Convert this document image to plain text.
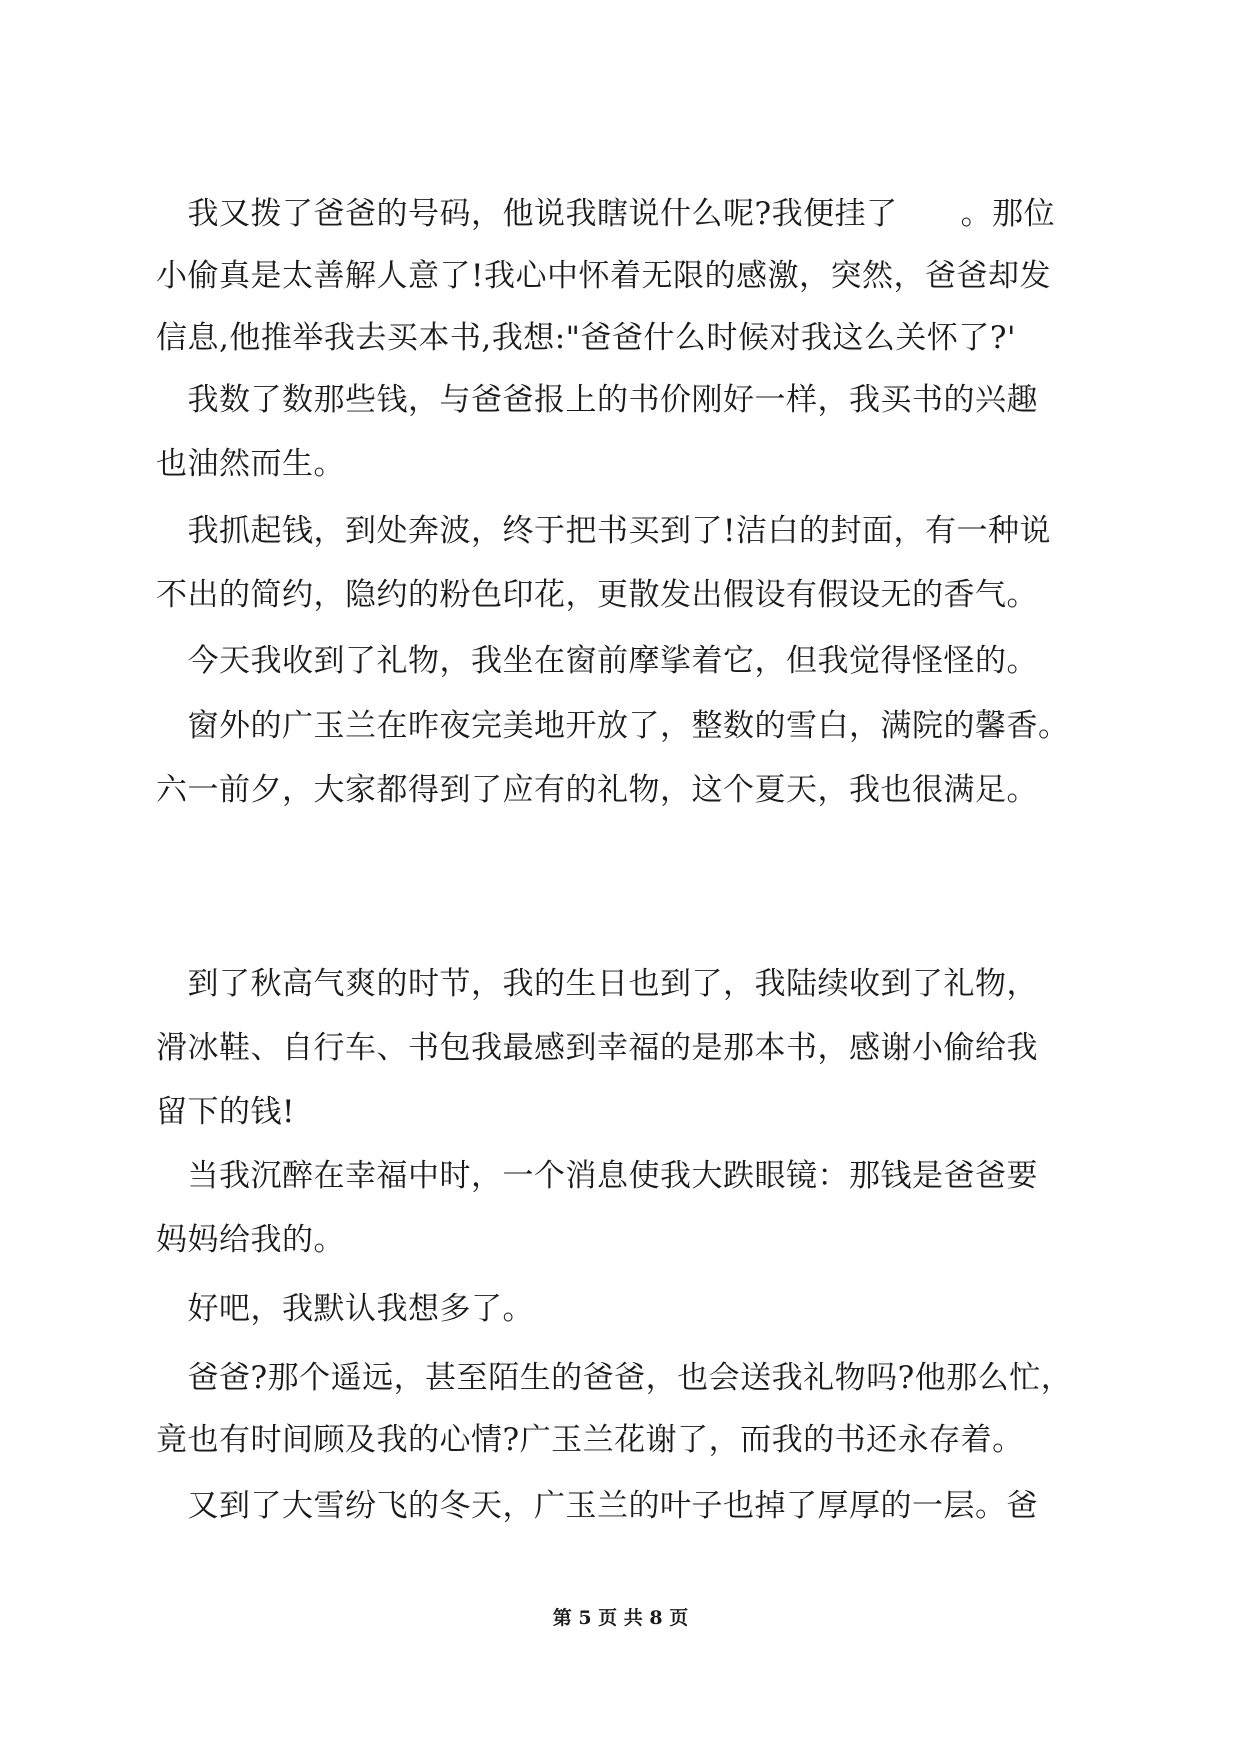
　我又拨了爸爸的号码，他说我瞎说什么呢?我便挂了　　。那位

小偷真是太善解人意了!我心中怀着无限的感激，突然，爸爸却发

信息,他推举我去买本书,我想:"爸爸什么时候对我这么关怀了?'

　我数了数那些钱，与爸爸报上的书价刚好一样，我买书的兴趣

也油然而生。

　我抓起钱，到处奔波，终于把书买到了!洁白的封面，有一种说

不出的简约，隐约的粉色印花，更散发出假设有假设无的香气。

　今天我收到了礼物，我坐在窗前摩挲着它，但我觉得怪怪的。

　窗外的广玉兰在昨夜完美地开放了，整数的雪白，满院的馨香。

六一前夕，大家都得到了应有的礼物，这个夏天，我也很满足。

　到了秋高气爽的时节，我的生日也到了，我陆续收到了礼物，

滑冰鞋、自行车、书包我最感到幸福的是那本书，感谢小偷给我

留下的钱!

　当我沉醉在幸福中时，一个消息使我大跌眼镜：那钱是爸爸要

妈妈给我的。

　好吧，我默认我想多了。

　爸爸?那个遥远，甚至陌生的爸爸，也会送我礼物吗?他那么忙，

竟也有时间顾及我的心情?广玉兰花谢了，而我的书还永存着。

　又到了大雪纷飞的冬天，广玉兰的叶子也掉了厚厚的一层。爸

第 5 页 共 8 页
